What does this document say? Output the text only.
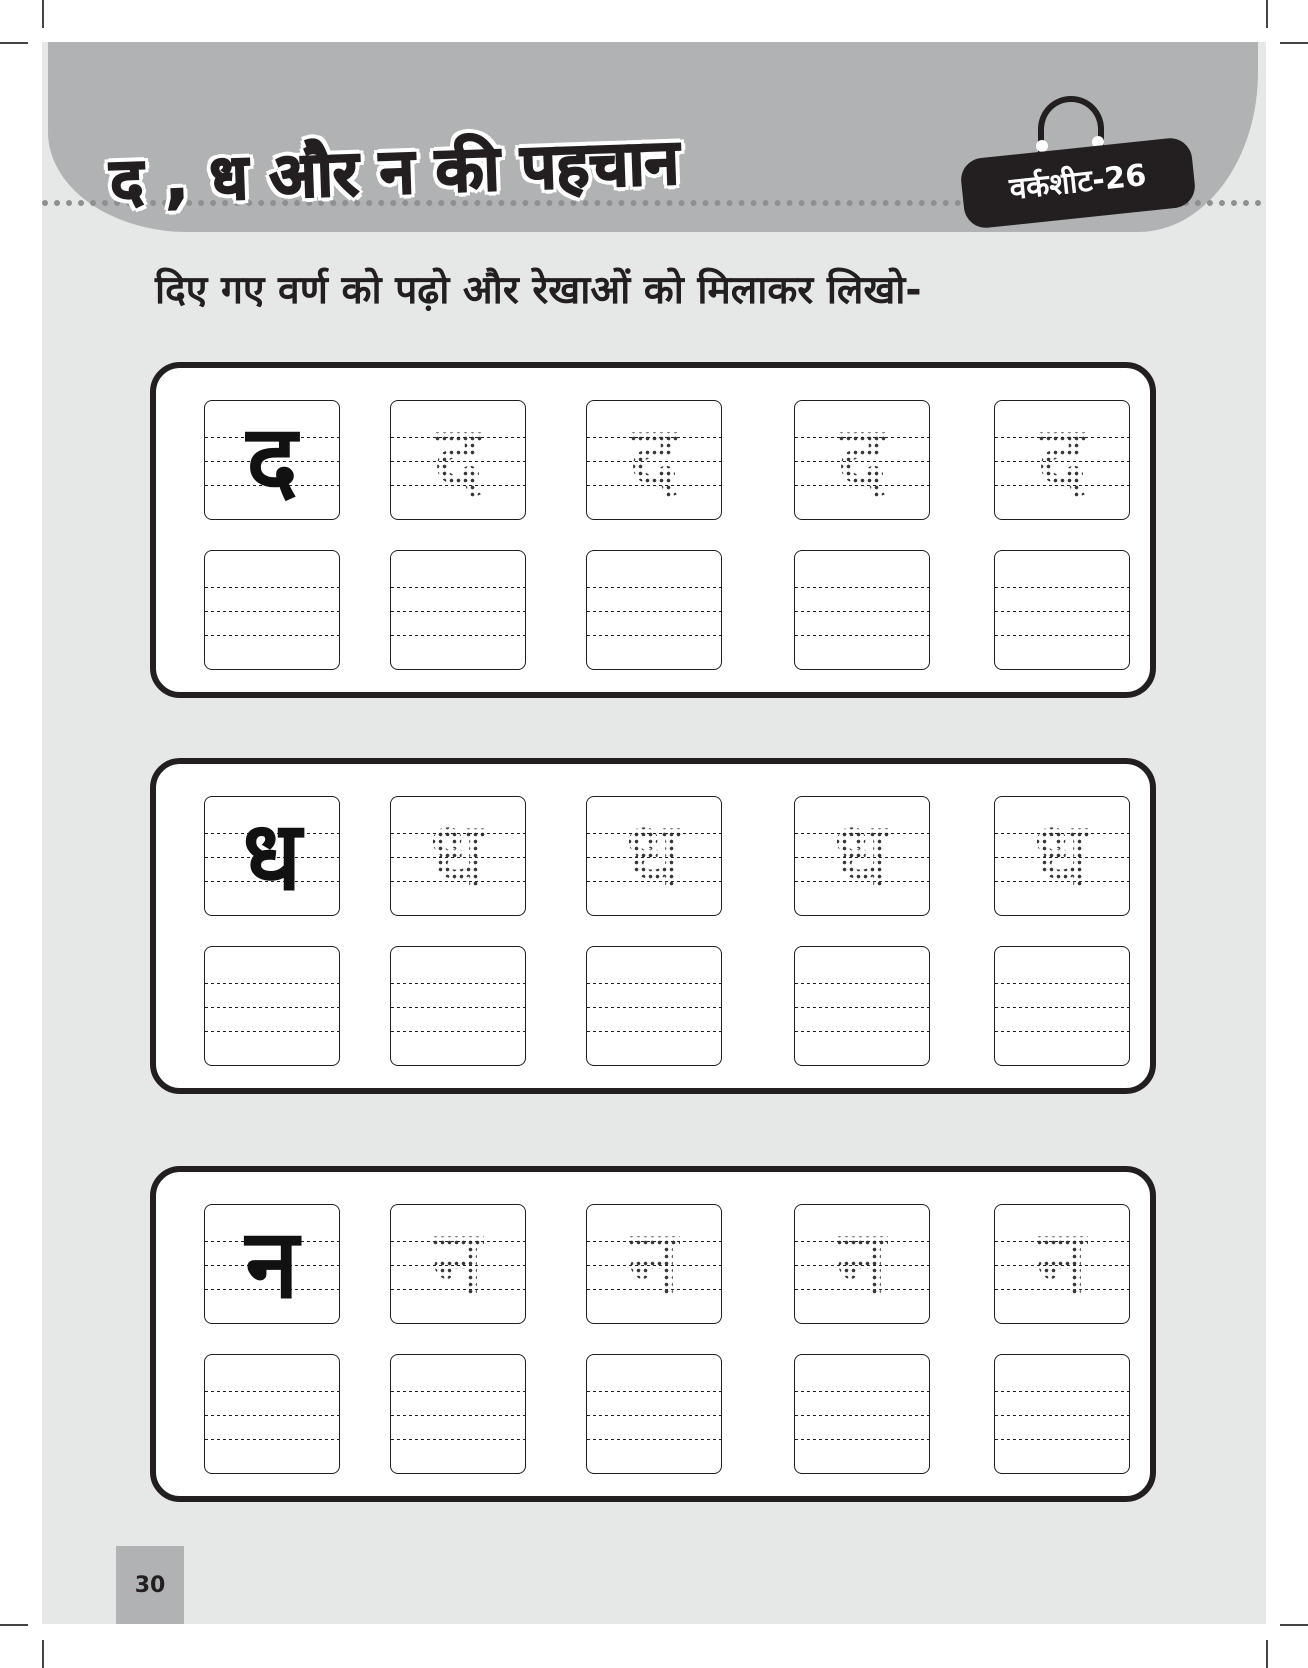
द , ध और न की पहचान	वर्कशीट-26

दिए गए वर्ण को पढ़ो और रेखाओं को मिलाकर लिखो-

द	द द द द
ध	ध ध ध ध
न	न न न न
30
